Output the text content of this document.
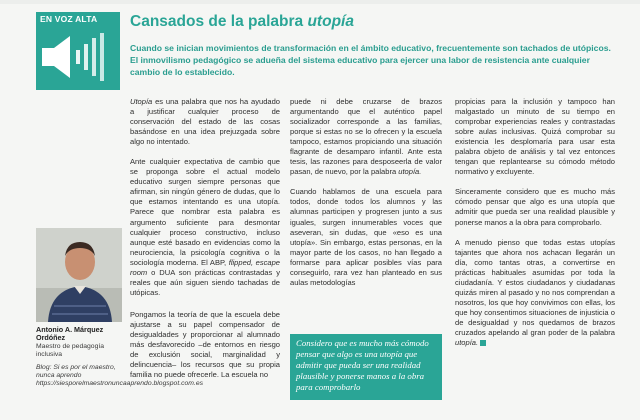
EN VOZ ALTA Cansados de la palabra utopía
Cuando se inician movimientos de transformación en el ámbito educativo, frecuentemente son tachados de utópicos. El inmovilismo pedagógico se adueña del sistema educativo para ejercer una labor de resistencia ante cualquier cambio de lo establecido.

Utopía es una palabra que nos ha ayudado a justificar cualquier proceso de conservación del estado de las cosas basándose en una idea prejuzgada sobre algo no intentado.

Ante cualquier expectativa de cambio que se proponga sobre el actual modelo educativo surgen siempre personas que afirman, sin ningún género de dudas, que lo que estamos intentando es una utopía. Parece que nombrar esta palabra es argumento suficiente para desmontar cualquier proceso constructivo, incluso aunque esté basado en evidencias como la neurociencia, la psicología cognitiva o la sociología moderna. El ABP, flipped, escape room o DUA son prácticas contrastadas y reales que aún siguen siendo tachadas de utópicas.

Pongamos la teoría de que la escuela debe ajustarse a su papel compensador de desigualdades y proporcionar al alumnado más desfavorecido –de entornos en riesgo de exclusión social, marginalidad y delincuencia– los recursos que su propia familia no puede ofrecerle. La escuela no

puede ni debe cruzarse de brazos argumentando que el auténtico papel socializador corresponde a las familias, porque si estas no se lo ofrecen y la escuela tampoco, estamos propiciando una situación flagrante de desamparo infantil. Ante esta tesis, las razones para desposeerla de valor pasan, de nuevo, por la palabra utopía.

Cuando hablamos de una escuela para todos, donde todos los alumnos y las alumnas participen y progresen junto a sus iguales, surgen innumerables voces que aseveran, sin dudas, que «eso es una utopía». Sin embargo, estas personas, en la mayor parte de los casos, no han llegado a formarse para aplicar posibles vías para conseguirlo, rara vez han planteado en sus aulas metodologías

propicias para la inclusión y tampoco han malgastado un minuto de su tiempo en comprobar experiencias reales y contrastadas sobre aulas inclusivas. Quizá comprobar su existencia les desplomaría para usar esta palabra objeto de análisis y tal vez entonces tengan que replantearse su cómodo método normativo y excluyente.

Sinceramente considero que es mucho más cómodo pensar que algo es una utopía que admitir que pueda ser una realidad plausible y ponerse manos a la obra para comprobarlo.

A menudo pienso que todas estas utopías tajantes que ahora nos achacan llegarán un día, como tantas otras, a convertirse en prácticas habituales asumidas por toda la ciudadanía. Y estos ciudadanos y ciudadanas quizás miren al pasado y no nos comprendan a nosotros, los que hoy convivimos con ellas, los que hoy consentimos situaciones de injusticia o de desigualdad y nos quedamos de brazos cruzados apelando al gran poder de la palabra utopía.

Antonio A. Márquez Ordóñez
Maestro de pedagogía inclusiva
Blog: Si es por el maestro, nunca aprendo https://siesporelmaestronuncaaprendo.blogspot.com.es
Considero que es mucho más cómodo pensar que algo es una utopía que admitir que pueda ser una realidad plausible y ponerse manos a la obra para comprobarlo
